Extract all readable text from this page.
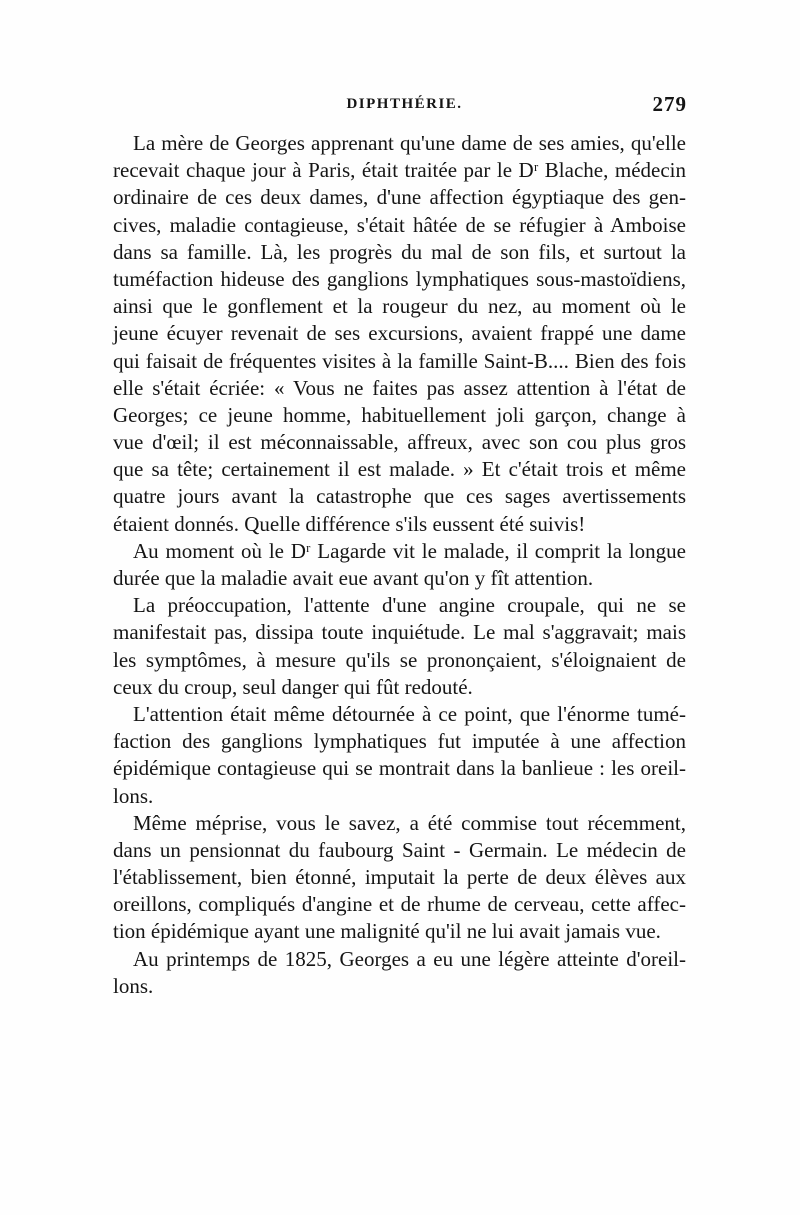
DIPHTHÉRIE.	279
La mère de Georges apprenant qu'une dame de ses amies, qu'elle
recevait chaque jour à Paris, était traitée par le Dʳ Blache, médecin
ordinaire de ces deux dames, d'une affection égyptiaque des gen-
cives, maladie contagieuse, s'était hâtée de se réfugier à Amboise
dans sa famille. Là, les progrès du mal de son fils, et surtout la
tuméfaction hideuse des ganglions lymphatiques sous-mastoïdiens,
ainsi que le gonflement et la rougeur du nez, au moment où le
jeune écuyer revenait de ses excursions, avaient frappé une dame
qui faisait de fréquentes visites à la famille Saint-B.... Bien des fois
elle s'était écriée: « Vous ne faites pas assez attention à l'état de
Georges; ce jeune homme, habituellement joli garçon, change à
vue d'œil; il est méconnaissable, affreux, avec son cou plus gros
que sa tête; certainement il est malade. » Et c'était trois et même
quatre jours avant la catastrophe que ces sages avertissements
étaient donnés. Quelle différence s'ils eussent été suivis!
Au moment où le Dʳ Lagarde vit le malade, il comprit la longue
durée que la maladie avait eue avant qu'on y fît attention.
La préoccupation, l'attente d'une angine croupale, qui ne se
manifestait pas, dissipa toute inquiétude. Le mal s'aggravait; mais
les symptômes, à mesure qu'ils se prononçaient, s'éloignaient de
ceux du croup, seul danger qui fût redouté.
L'attention était même détournée à ce point, que l'énorme tumé-
faction des ganglions lymphatiques fut imputée à une affection
épidémique contagieuse qui se montrait dans la banlieue : les oreil-
lons.
Même méprise, vous le savez, a été commise tout récemment,
dans un pensionnat du faubourg Saint - Germain. Le médecin de
l'établissement, bien étonné, imputait la perte de deux élèves aux
oreillons, compliqués d'angine et de rhume de cerveau, cette affec-
tion épidémique ayant une malignité qu'il ne lui avait jamais vue.
Au printemps de 1825, Georges a eu une légère atteinte d'oreil-
lons.
